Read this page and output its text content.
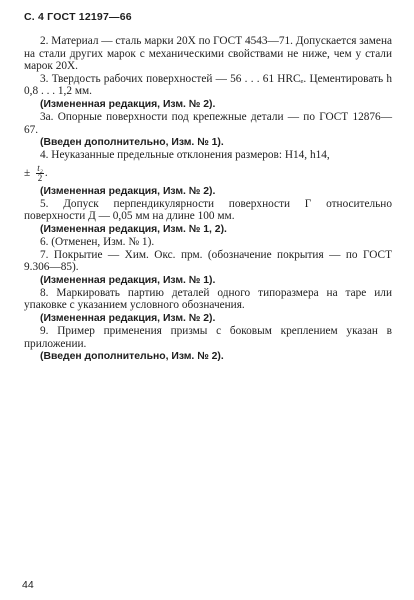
С. 4 ГОСТ 12197—66

2. Материал — сталь марки 20Х по ГОСТ 4543—71. Допускается замена на стали других марок с механическими свойствами не ниже, чем у стали марок 20Х.

3. Твердость рабочих поверхностей — 56 . . . 61 HRCₑ. Цементировать h 0,8 . . . 1,2 мм.

(Измененная редакция, Изм. № 2).

3а. Опорные поверхности под крепежные детали — по ГОСТ 12876—67.

(Введен дополнительно, Изм. № 1).

4. Неуказанные предельные отклонения размеров: H14, h14,

± $\frac{\text{t₂}}{2}$ .

(Измененная редакция, Изм. № 2).

5. Допуск перпендикулярности поверхности Г относительно поверхности Д — 0,05 мм на длине 100 мм.

(Измененная редакция, Изм. № 1, 2).

6. (Отменен, Изм. № 1).

7. Покрытие — Хим. Окс. прм. (обозначение покрытия — по ГОСТ 9.306—85).

(Измененная редакция, Изм. № 1).

8. Маркировать партию деталей одного типоразмера на таре или упаковке с указанием условного обозначения.

(Измененная редакция, Изм. № 2).

9. Пример применения призмы с боковым креплением указан в приложении.

(Введен дополнительно, Изм. № 2).

44
